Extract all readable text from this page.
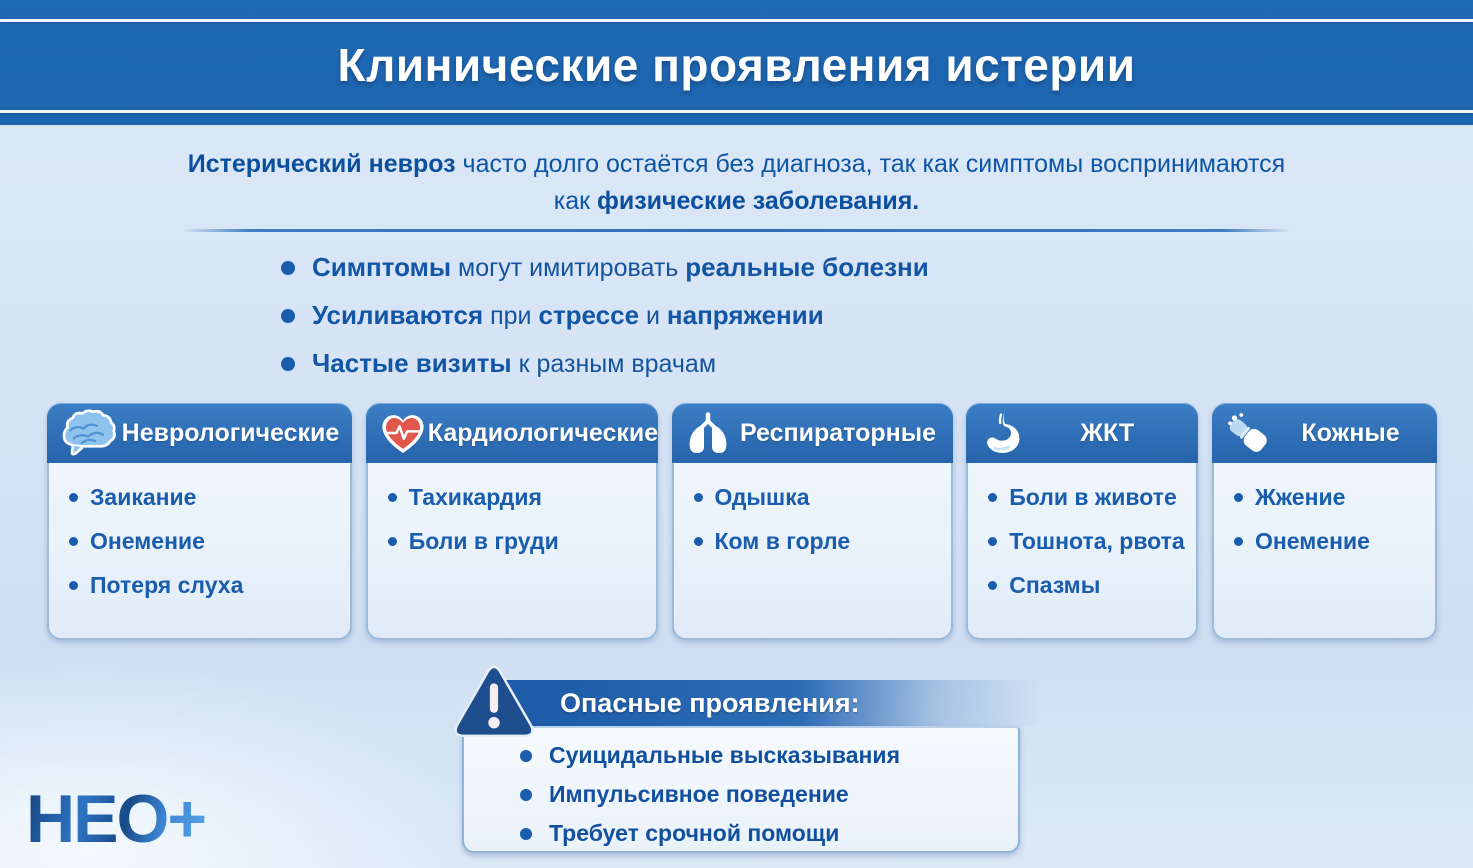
Клинические проявления истерии
Истерический невроз часто долго остаётся без диагноза, так как симптомы воспринимаются
как физические заболевания.
Симптомы могут имитировать реальные болезни
Усиливаются при стрессе и напряжении
Частые визиты к разным врачам
Неврологические
Заикание
Онемение
Потеря слуха
Кардиологические
Тахикардия
Боли в груди
Респираторные
Одышка
Ком в горле
ЖКТ
Боли в животе
Тошнота, рвота
Спазмы
Кожные
Жжение
Онемение
Опасные проявления:
Суицидальные высказывания
Импульсивное поведение
Требует срочной помощи
НЕО+
